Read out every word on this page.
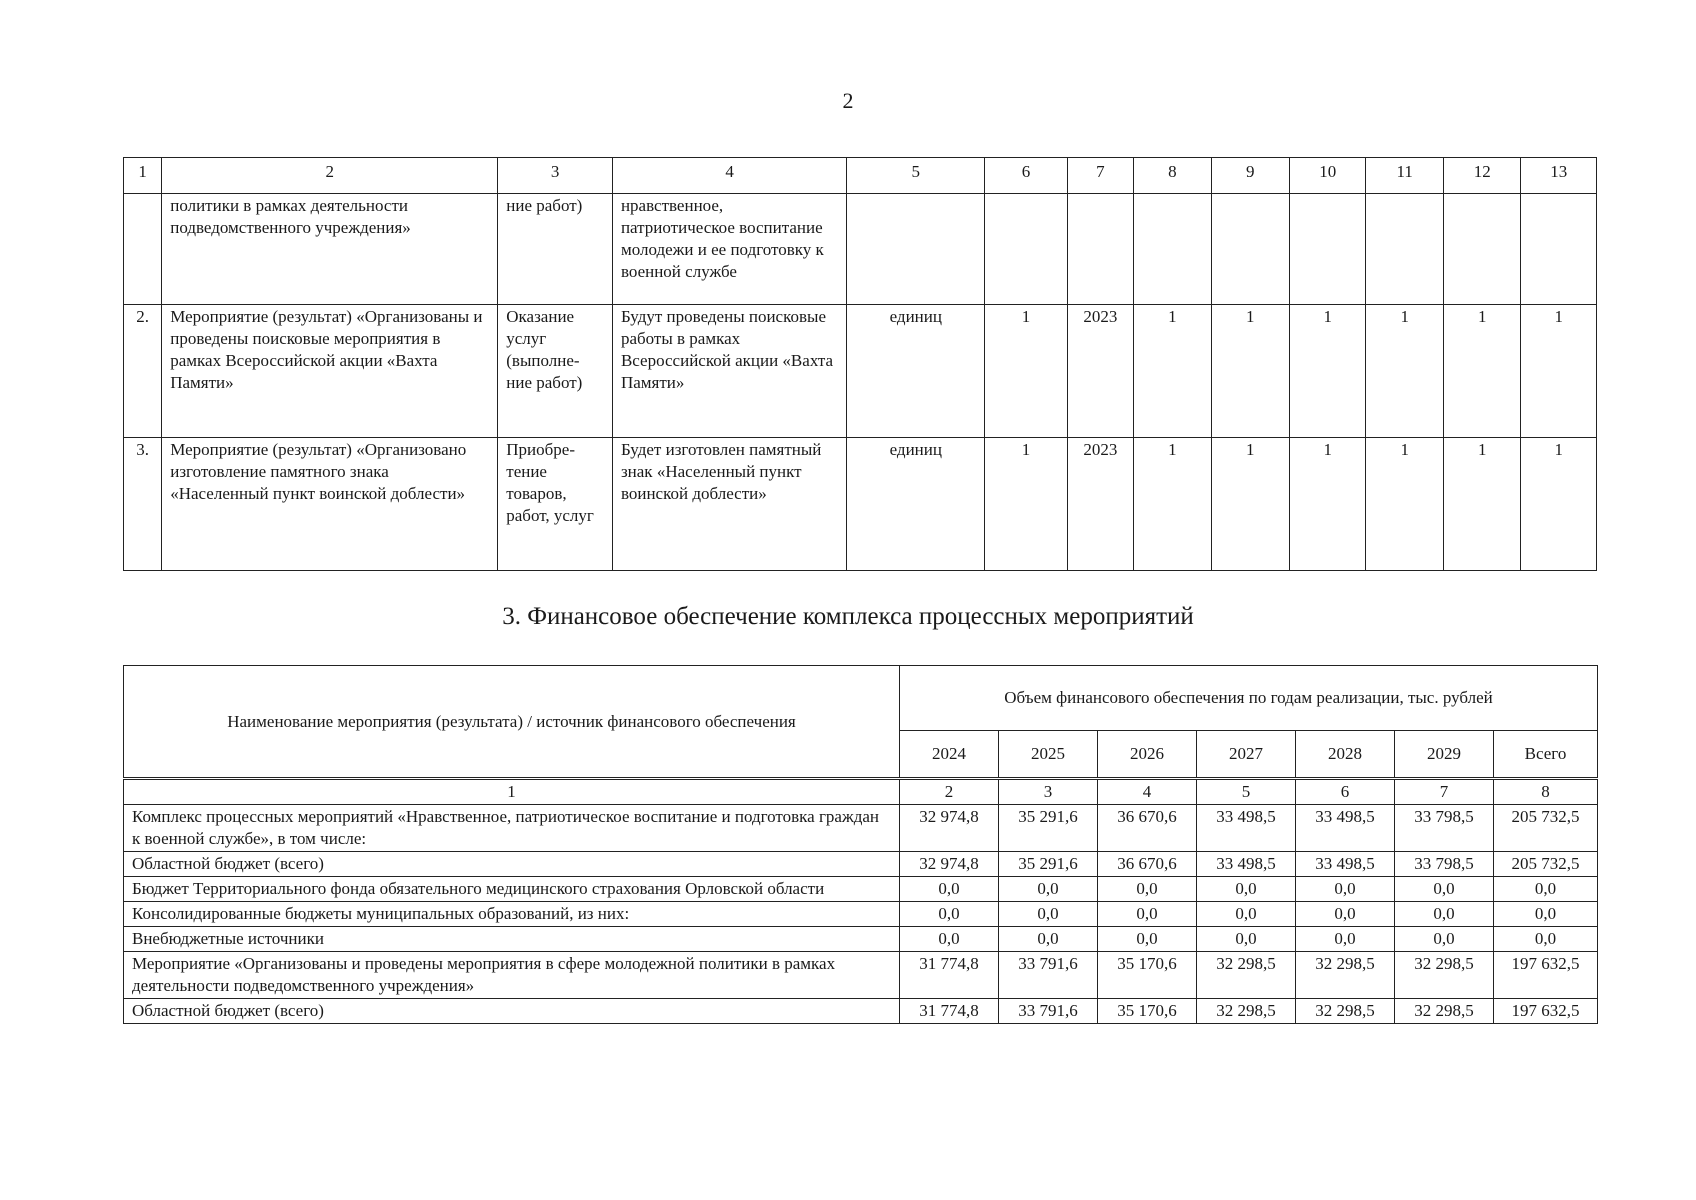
2
1	2	3	4	5	6	7	8	9	10	11	12	13
	политики в рамках деятельности подведомственного учреждения»	ние работ)	нравственное, патриотическое воспитание молодежи и ее подготовку к военной службе									
2.	Мероприятие (результат) «Организованы и проведены поисковые мероприятия в рамках Всероссийской акции «Вахта Памяти»	Оказание услуг (выполне-ние работ)	Будут проведены поисковые работы в рамках Всероссийской акции «Вахта Памяти»	единиц	1	2023	1	1	1	1	1	1
3.	Мероприятие (результат) «Организовано изготовление памятного знака «Населенный пункт воинской доблести»	Приобре-тение товаров, работ, услуг	Будет изготовлен памятный знак «Населенный пункт воинской доблести»	единиц	1	2023	1	1	1	1	1	1
3. Финансовое обеспечение комплекса процессных мероприятий
Наименование мероприятия (результата) / источник финансового обеспечения	Объем финансового обеспечения по годам реализации, тыс. рублей						
	2024	2025	2026	2027	2028	2029	Всего
1	2	3	4	5	6	7	8
Комплекс процессных мероприятий «Нравственное, патриотическое воспитание и подготовка граждан к военной службе», в том числе:	32 974,8	35 291,6	36 670,6	33 498,5	33 498,5	33 798,5	205 732,5
Областной бюджет (всего)	32 974,8	35 291,6	36 670,6	33 498,5	33 498,5	33 798,5	205 732,5
Бюджет Территориального фонда обязательного медицинского страхования Орловской области	0,0	0,0	0,0	0,0	0,0	0,0	0,0
Консолидированные бюджеты муниципальных образований, из них:	0,0	0,0	0,0	0,0	0,0	0,0	0,0
Внебюджетные источники	0,0	0,0	0,0	0,0	0,0	0,0	0,0
Мероприятие «Организованы и проведены мероприятия в сфере молодежной политики в рамках деятельности подведомственного учреждения»	31 774,8	33 791,6	35 170,6	32 298,5	32 298,5	32 298,5	197 632,5
Областной бюджет (всего)	31 774,8	33 791,6	35 170,6	32 298,5	32 298,5	32 298,5	197 632,5
